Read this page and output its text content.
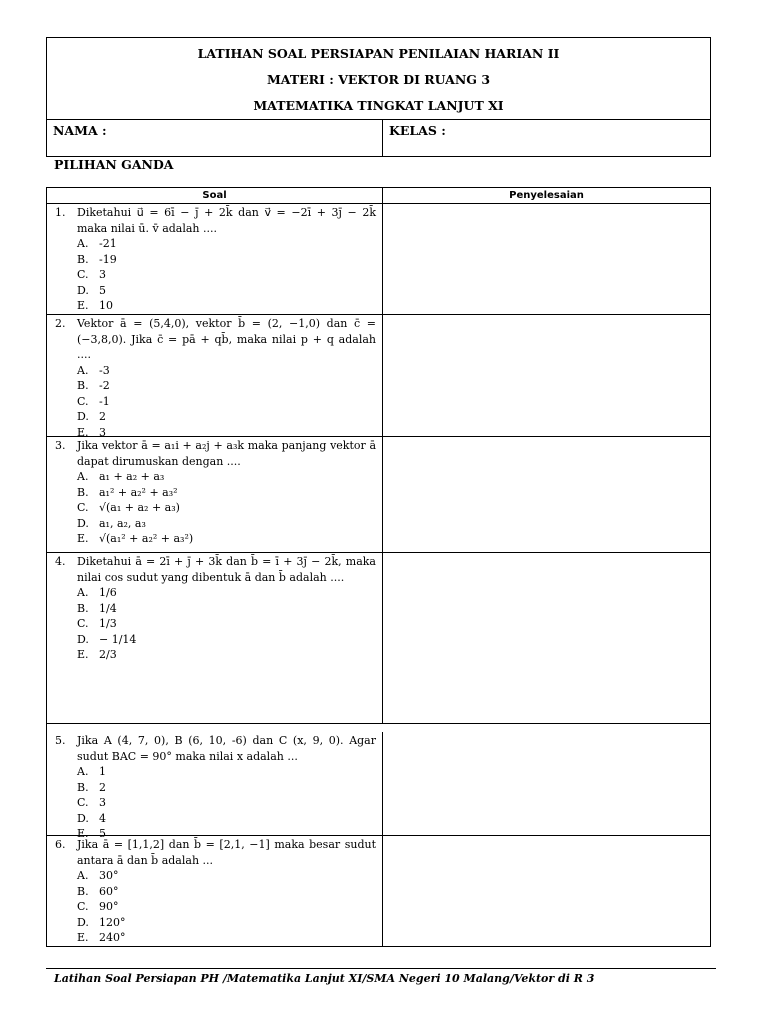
LATIHAN SOAL PERSIAPAN PENILAIAN HARIAN II
MATERI : VEKTOR DI RUANG 3
MATEMATIKA TINGKAT LANJUT XI
NAMA :	KELAS :
PILIHAN GANDA
Soal	Penyelesaian
1.	Diketahui u⃗ = 6ī − j̄ + 2k̄ dan v⃗ = −2ī + 3j̄ − 2k̄ maka nilai ū. v̄ adalah ....
A. -21
B. -19
C. 3
D. 5
E. 10
2.	Vektor ā = (5,4,0), vektor b̄ = (2, −1,0) dan c̄ = (−3,8,0). Jika c̄ = pā + qb̄, maka nilai p + q adalah ....
A. -3
B. -2
C. -1
D. 2
E. 3
3.	Jika vektor ā = a₁i + a₂j + a₃k maka panjang vektor ā dapat dirumuskan dengan ....
A. a₁ + a₂ + a₃
B. a₁² + a₂² + a₃²
C. √(a₁ + a₂ + a₃)
D. a₁, a₂, a₃
E. √(a₁² + a₂² + a₃²)
4.	Diketahui ā = 2ī + j̄ + 3k̄ dan b̄ = ī + 3j̄ − 2k̄, maka nilai cos sudut yang dibentuk ā dan b̄ adalah ....
A. 1/6
B. 1/4
C. 1/3
D. − 1/14
E. 2/3
5.	Jika A (4, 7, 0), B (6, 10, -6) dan C (x, 9, 0). Agar sudut BAC = 90° maka nilai x adalah ...
A. 1
B. 2
C. 3
D. 4
E. 5
6.	Jika ā = [1,1,2] dan b̄ = [2,1, −1] maka besar sudut antara ā dan b̄ adalah ...
A. 30°
B. 60°
C. 90°
D. 120°
E. 240°
Latihan Soal Persiapan PH /Matematika Lanjut XI/SMA Negeri 10 Malang/Vektor di R 3
